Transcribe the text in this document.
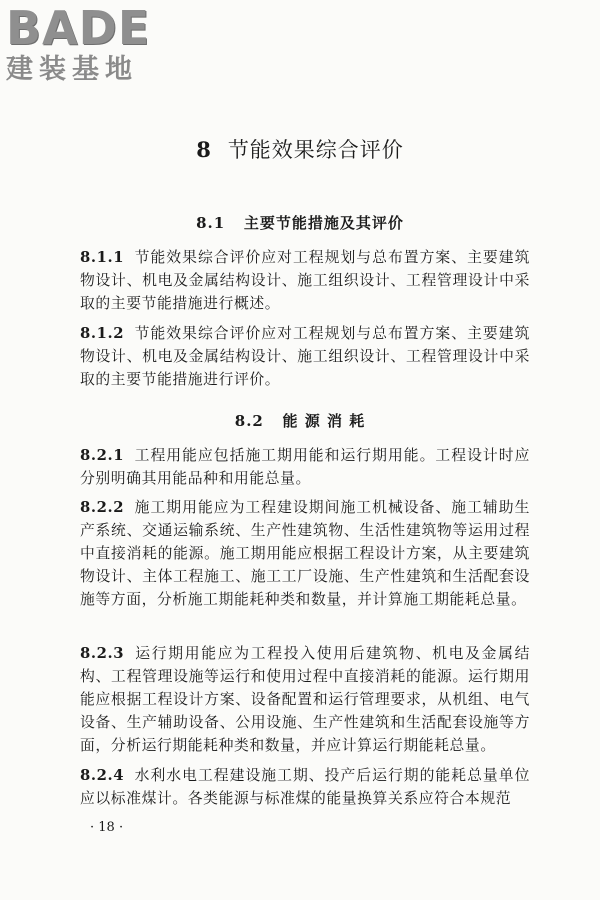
BADE
建装基地
8 节能效果综合评价
8.1 主要节能措施及其评价
8.1.1 节能效果综合评价应对工程规划与总布置方案、主要建筑物设计、机电及金属结构设计、施工组织设计、工程管理设计中采取的主要节能措施进行概述。
8.1.2 节能效果综合评价应对工程规划与总布置方案、主要建筑物设计、机电及金属结构设计、施工组织设计、工程管理设计中采取的主要节能措施进行评价。
8.2 能 源 消 耗
8.2.1 工程用能应包括施工期用能和运行期用能。工程设计时应分别明确其用能品种和用能总量。
8.2.2 施工期用能应为工程建设期间施工机械设备、施工辅助生产系统、交通运输系统、生产性建筑物、生活性建筑物等运用过程中直接消耗的能源。施工期用能应根据工程设计方案，从主要建筑物设计、主体工程施工、施工工厂设施、生产性建筑和生活配套设施等方面，分析施工期能耗种类和数量，并计算施工期能耗总量。
8.2.3 运行期用能应为工程投入使用后建筑物、机电及金属结构、工程管理设施等运行和使用过程中直接消耗的能源。运行期用能应根据工程设计方案、设备配置和运行管理要求，从机组、电气设备、生产辅助设备、公用设施、生产性建筑和生活配套设施等方面，分析运行期能耗种类和数量，并应计算运行期能耗总量。
8.2.4 水利水电工程建设施工期、投产后运行期的能耗总量单位应以标准煤计。各类能源与标准煤的能量换算关系应符合本规范
· 18 ·
